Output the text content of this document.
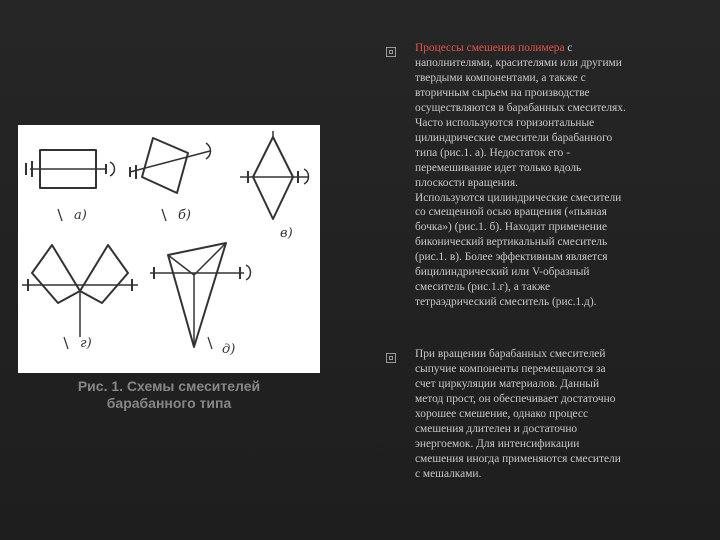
а)	б)
в)
г)	д)
Рис. 1. Схемы смесителей
барабанного типа
Процессы смешения полимера с
наполнителями, красителями или другими
твердыми компонентами, а также с
вторичным сырьем на производстве
осуществляются в барабанных смесителях.
Часто используются горизонтальные
цилиндрические смесители барабанного
типа (рис.1. а). Недостаток его -
перемешивание идет только вдоль
плоскости вращения.
Используются цилиндрические смесители
со смещенной осью вращения («пьяная
бочка») (рис.1. б). Находит применение
биконический вертикальный смеситель
(рис.1. в). Более эффективным является
бицилиндрический или V-образный
смеситель (рис.1.г), а также
тетраэдрический смеситель (рис.1.д).
При вращении барабанных смесителей
сыпучие компоненты перемещаются за
счет циркуляции материалов. Данный
метод прост, он обеспечивает достаточно
хорошее смешение, однако процесс
смешения длителен и достаточно
энергоемок. Для интенсификации
смешения иногда применяются смесители
с мешалками.
